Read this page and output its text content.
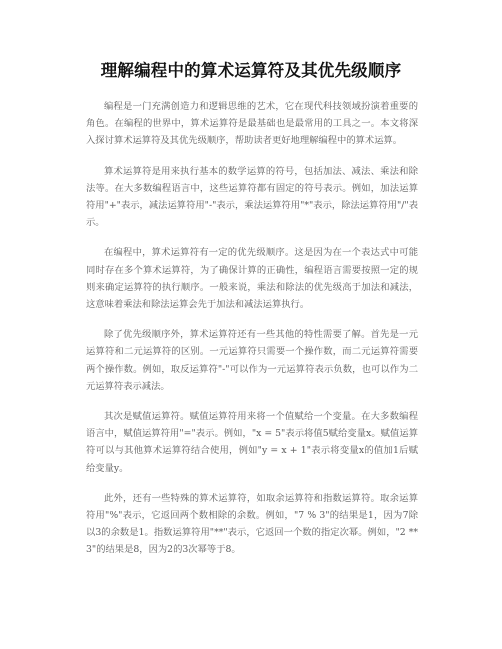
理解编程中的算术运算符及其优先级顺序

编程是一门充满创造力和逻辑思维的艺术，它在现代科技领域扮演着重要的角色。在编程的世界中，算术运算符是最基础也是最常用的工具之一。本文将深入探讨算术运算符及其优先级顺序，帮助读者更好地理解编程中的算术运算。

算术运算符是用来执行基本的数学运算的符号，包括加法、减法、乘法和除法等。在大多数编程语言中，这些运算符都有固定的符号表示。例如，加法运算符用"+"表示，减法运算符用"-"表示，乘法运算符用"*"表示，除法运算符用"/"表示。

在编程中，算术运算符有一定的优先级顺序。这是因为在一个表达式中可能同时存在多个算术运算符，为了确保计算的正确性，编程语言需要按照一定的规则来确定运算符的执行顺序。一般来说，乘法和除法的优先级高于加法和减法，这意味着乘法和除法运算会先于加法和减法运算执行。

除了优先级顺序外，算术运算符还有一些其他的特性需要了解。首先是一元运算符和二元运算符的区别。一元运算符只需要一个操作数，而二元运算符需要两个操作数。例如，取反运算符"-"可以作为一元运算符表示负数，也可以作为二元运算符表示减法。

其次是赋值运算符。赋值运算符用来将一个值赋给一个变量。在大多数编程语言中，赋值运算符用"="表示。例如，"x = 5"表示将值5赋给变量x。赋值运算符可以与其他算术运算符结合使用，例如"y = x + 1"表示将变量x的值加1后赋给变量y。

此外，还有一些特殊的算术运算符，如取余运算符和指数运算符。取余运算符用"%"表示，它返回两个数相除的余数。例如，"7 % 3"的结果是1，因为7除以3的余数是1。指数运算符用"**"表示，它返回一个数的指定次幂。例如，"2 ** 3"的结果是8，因为2的3次幂等于8。
